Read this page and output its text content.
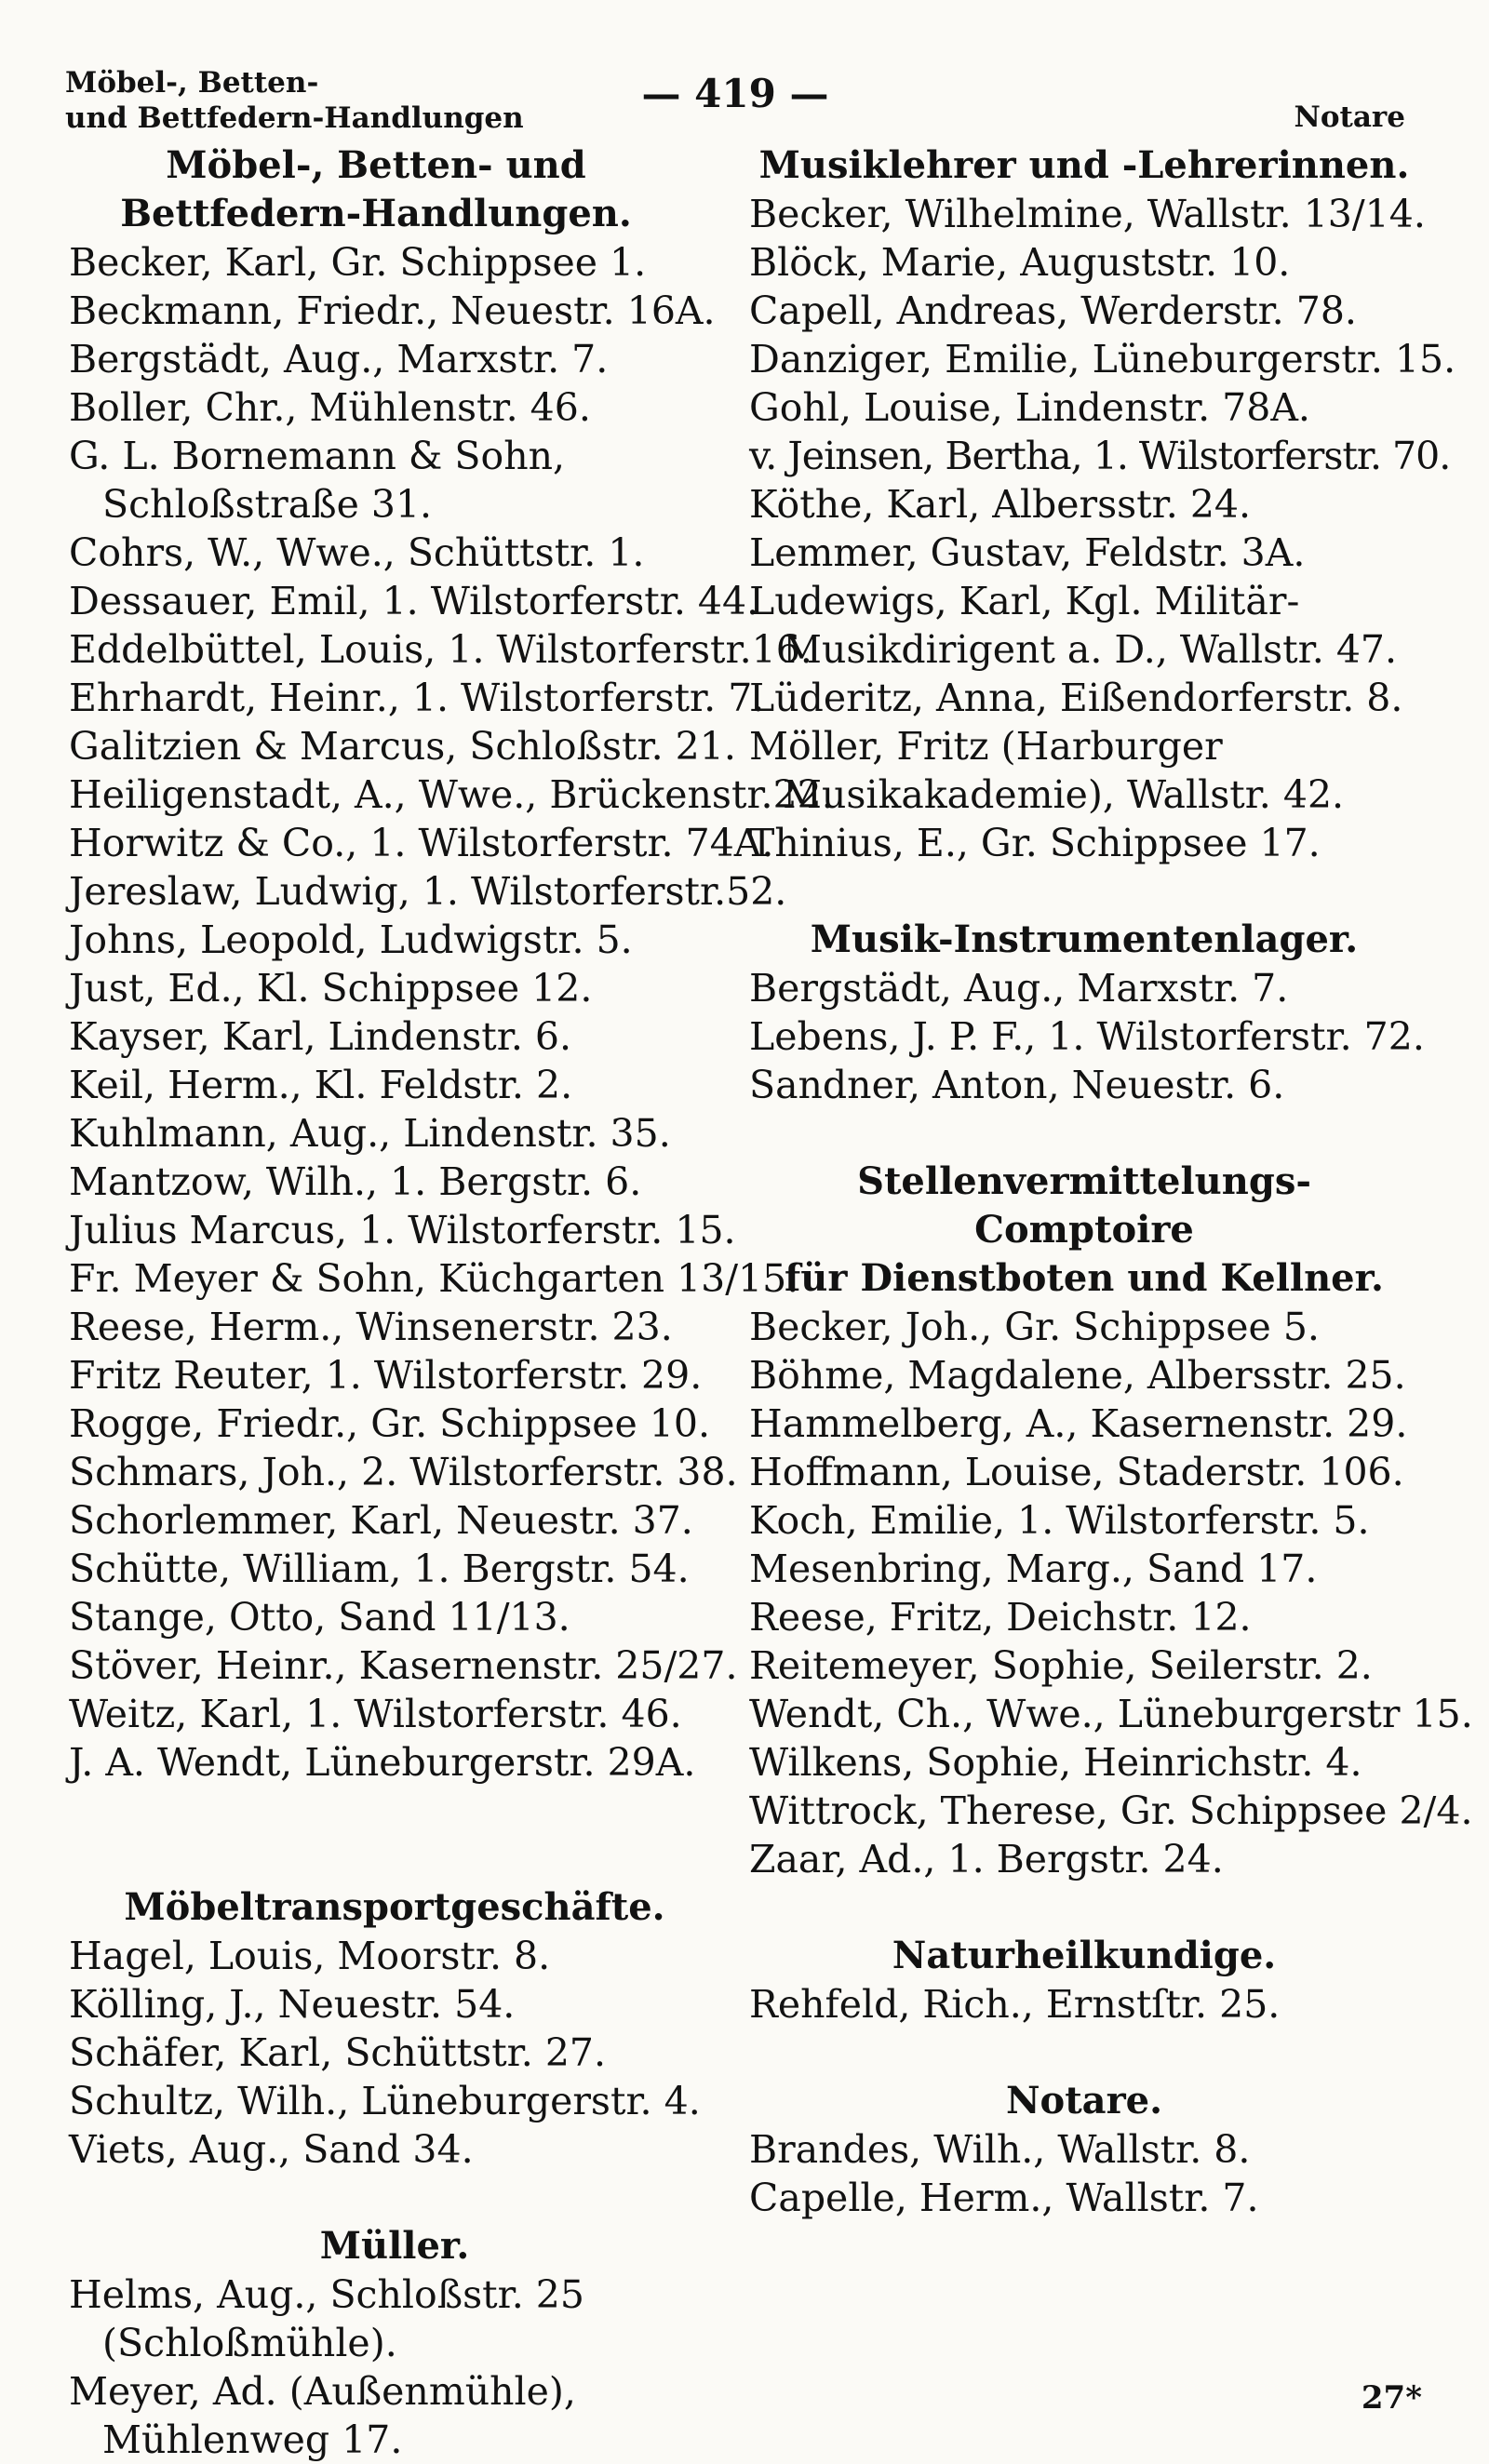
Möbel-, Betten-
und Bettfedern-Handlungen
— 419 —
Notare
Möbel-, Betten- und Bettfedern-Handlungen.
Becker, Karl, Gr. Schippsee 1.
Beckmann, Friedr., Neuestr. 16A.
Bergstädt, Aug., Marxstr. 7.
Boller, Chr., Mühlenstr. 46.
G. L. Bornemann & Sohn, Schloßstraße 31.
Cohrs, W., Wwe., Schüttstr. 1.
Dessauer, Emil, 1. Wilstorferstr. 44.
Eddelbüttel, Louis, 1. Wilstorferstr.16.
Ehrhardt, Heinr., 1. Wilstorferstr. 7.
Galitzien & Marcus, Schloßstr. 21.
Heiligenstadt, A., Wwe., Brückenstr.22.
Horwitz & Co., 1. Wilstorferstr. 74A.
Jereslaw, Ludwig, 1. Wilstorferstr.52.
Johns, Leopold, Ludwigstr. 5.
Just, Ed., Kl. Schippsee 12.
Kayser, Karl, Lindenstr. 6.
Keil, Herm., Kl. Feldstr. 2.
Kuhlmann, Aug., Lindenstr. 35.
Mantzow, Wilh., 1. Bergstr. 6.
Julius Marcus, 1. Wilstorferstr. 15.
Fr. Meyer & Sohn, Küchgarten 13/15.
Reese, Herm., Winsenerstr. 23.
Fritz Reuter, 1. Wilstorferstr. 29.
Rogge, Friedr., Gr. Schippsee 10.
Schmars, Joh., 2. Wilstorferstr. 38.
Schorlemmer, Karl, Neuestr. 37.
Schütte, William, 1. Bergstr. 54.
Stange, Otto, Sand 11/13.
Stöver, Heinr., Kasernenstr. 25/27.
Weitz, Karl, 1. Wilstorferstr. 46.
J. A. Wendt, Lüneburgerstr. 29A.
Möbeltransportgeschäfte.
Hagel, Louis, Moorstr. 8.
Kölling, J., Neuestr. 54.
Schäfer, Karl, Schüttstr. 27.
Schultz, Wilh., Lüneburgerstr. 4.
Viets, Aug., Sand 34.
Müller.
Helms, Aug., Schloßstr. 25 (Schloßmühle).
Meyer, Ad. (Außenmühle), Mühlenweg 17.
Musiklehrer und -Lehrerinnen.
Becker, Wilhelmine, Wallstr. 13/14.
Blöck, Marie, Auguststr. 10.
Capell, Andreas, Werderstr. 78.
Danziger, Emilie, Lüneburgerstr. 15.
Gohl, Louise, Lindenstr. 78A.
v. Jeinsen, Bertha, 1. Wilstorferstr. 70.
Köthe, Karl, Albersstr. 24.
Lemmer, Gustav, Feldstr. 3A.
Ludewigs, Karl, Kgl. Militär-Musikdirigent a. D., Wallstr. 47.
Lüderitz, Anna, Eißendorferstr. 8.
Möller, Fritz (Harburger Musikakademie), Wallstr. 42.
Thinius, E., Gr. Schippsee 17.
Musik-Instrumentenlager.
Bergstädt, Aug., Marxstr. 7.
Lebens, J. P. F., 1. Wilstorferstr. 72.
Sandner, Anton, Neuestr. 6.
Stellenvermittelungs-Comptoire
für Dienstboten und Kellner.
Becker, Joh., Gr. Schippsee 5.
Böhme, Magdalene, Albersstr. 25.
Hammelberg, A., Kasernenstr. 29.
Hoffmann, Louise, Staderstr. 106.
Koch, Emilie, 1. Wilstorferstr. 5.
Mesenbring, Marg., Sand 17.
Reese, Fritz, Deichstr. 12.
Reitemeyer, Sophie, Seilerstr. 2.
Wendt, Ch., Wwe., Lüneburgerstr 15.
Wilkens, Sophie, Heinrichstr. 4.
Wittrock, Therese, Gr. Schippsee 2/4.
Zaar, Ad., 1. Bergstr. 24.
Naturheilkundige.
Rehfeld, Rich., Ernstſtr. 25.
Notare.
Brandes, Wilh., Wallstr. 8.
Capelle, Herm., Wallstr. 7.
27*
